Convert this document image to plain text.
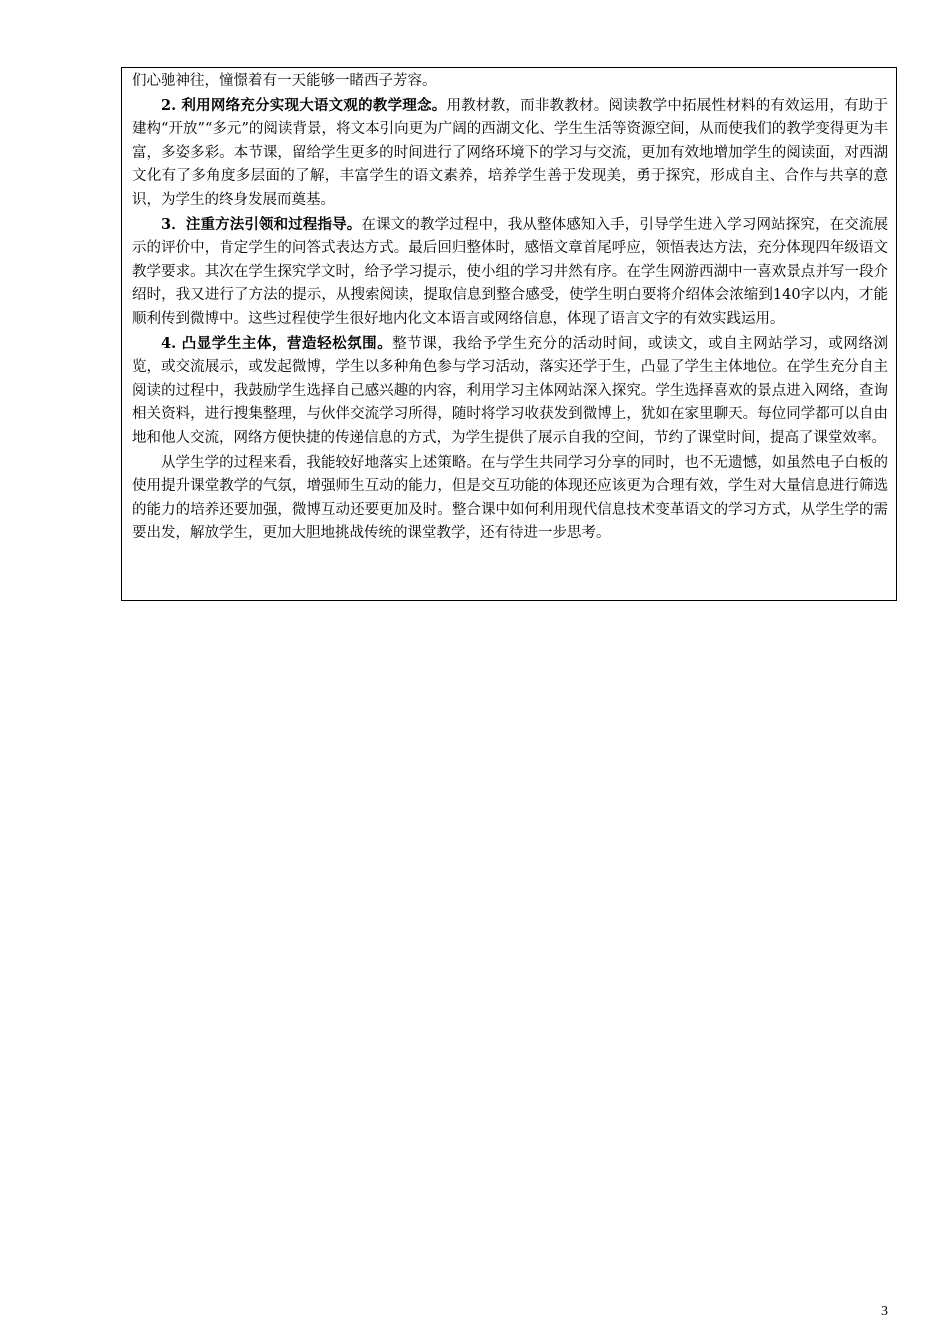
们心驰神往，憧憬着有一天能够一睹西子芳容。

2. 利用网络充分实现大语文观的教学理念。用教材教，而非教教材。阅读教学中拓展性材料的有效运用，有助于建构“开放”“多元”的阅读背景，将文本引向更为广阔的西湖文化、学生生活等资源空间，从而使我们的教学变得更为丰富，多姿多彩。本节课，留给学生更多的时间进行了网络环境下的学习与交流，更加有效地增加学生的阅读面，对西湖文化有了多角度多层面的了解，丰富学生的语文素养，培养学生善于发现美，勇于探究，形成自主、合作与共享的意识，为学生的终身发展而奠基。

3．注重方法引领和过程指导。在课文的教学过程中，我从整体感知入手，引导学生进入学习网站探究，在交流展示的评价中，肯定学生的问答式表达方式。最后回归整体时，感悟文章首尾呼应，领悟表达方法，充分体现四年级语文教学要求。其次在学生探究学文时，给予学习提示，使小组的学习井然有序。在学生网游西湖中一喜欢景点并写一段介绍时，我又进行了方法的提示，从搜索阅读，提取信息到整合感受，使学生明白要将介绍体会浓缩到140字以内，才能顺利传到微博中。这些过程使学生很好地内化文本语言或网络信息，体现了语言文字的有效实践运用。

4. 凸显学生主体，营造轻松氛围。整节课，我给予学生充分的活动时间，或读文，或自主网站学习，或网络浏览，或交流展示，或发起微博，学生以多种角色参与学习活动，落实还学于生，凸显了学生主体地位。在学生充分自主阅读的过程中，我鼓励学生选择自己感兴趣的内容，利用学习主体网站深入探究。学生选择喜欢的景点进入网络，查询相关资料，进行搜集整理，与伙伴交流学习所得，随时将学习收获发到微博上，犹如在家里聊天。每位同学都可以自由地和他人交流，网络方便快捷的传递信息的方式，为学生提供了展示自我的空间，节约了课堂时间，提高了课堂效率。

从学生学的过程来看，我能较好地落实上述策略。在与学生共同学习分享的同时，也不无遗憾，如虽然电子白板的使用提升课堂教学的气氛，增强师生互动的能力，但是交互功能的体现还应该更为合理有效，学生对大量信息进行筛选的能力的培养还要加强，微博互动还要更加及时。整合课中如何利用现代信息技术变革语文的学习方式，从学生学的需要出发，解放学生，更加大胆地挑战传统的课堂教学，还有待进一步思考。

3
